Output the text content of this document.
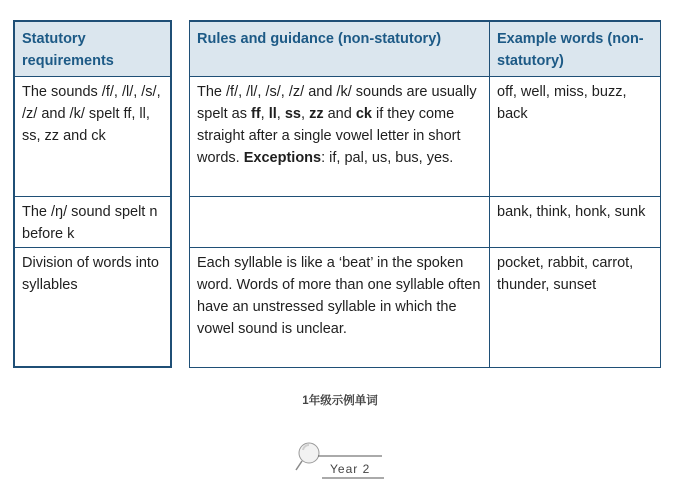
Statutory requirements
The sounds /f/, /l/, /s/, /z/ and /k/ spelt ff, ll, ss, zz and ck
The /ŋ/ sound spelt n before k
Division of words into syllables
Rules and guidance (non-statutory)	Example words (non-statutory)
The /f/, /l/, /s/, /z/ and /k/ sounds are usually spelt as ff, ll, ss, zz and ck if they come straight after a single vowel letter in short words. Exceptions: if, pal, us, bus, yes.
off, well, miss, buzz, back
bank, think, honk, sunk
Each syllable is like a ‘beat’ in the spoken word. Words of more than one syllable often have an unstressed syllable in which the vowel sound is unclear.
pocket, rabbit, carrot, thunder, sunset
1年级示例单词
Year 2
